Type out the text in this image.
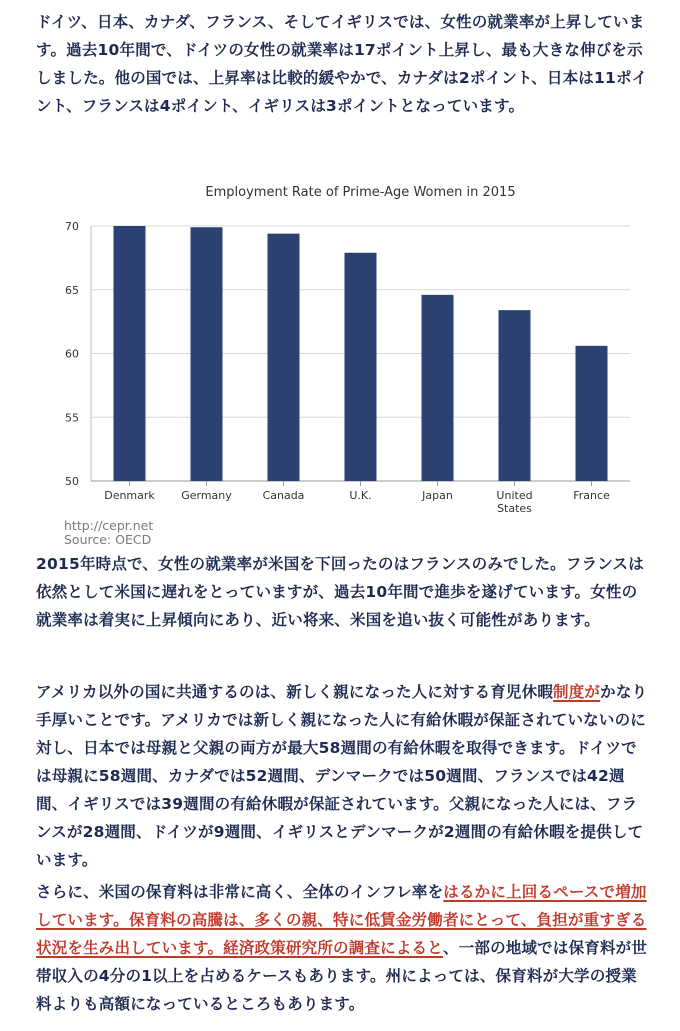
ドイツ、日本、カナダ、フランス、そしてイギリスでは、女性の就業率が上昇しています。過去10年間で、ドイツの女性の就業率は17ポイント上昇し、最も大きな伸びを示しました。他の国では、上昇率は比較的緩やかで、カナダは2ポイント、日本は11ポイント、フランスは4ポイント、イギリスは3ポイントとなっています。

Employment Rate of Prime-Age Women in 2015
50
55
60
65
70
Denmark Germany	Canada	U.K.	Japan	United
States
France
http://cepr.net
Source: OECD

2015年時点で、女性の就業率が米国を下回ったのはフランスのみでした。フランスは依然として米国に遅れをとっていますが、過去10年間で進歩を遂げています。女性の就業率は着実に上昇傾向にあり、近い将来、米国を追い抜く可能性があります。

アメリカ以外の国に共通するのは、新しく親になった人に対する育児休暇制度がかなり手厚いことです。アメリカでは新しく親になった人に有給休暇が保証されていないのに対し、日本では母親と父親の両方が最大58週間の有給休暇を取得できます。ドイツでは母親に58週間、カナダでは52週間、デンマークでは50週間、フランスでは42週間、イギリスでは39週間の有給休暇が保証されています。父親になった人には、フランスが28週間、ドイツが9週間、イギリスとデンマークが2週間の有給休暇を提供しています。

さらに、米国の保育料は非常に高く、全体のインフレ率をはるかに上回るペースで増加しています。保育料の高騰は、多くの親、特に低賃金労働者にとって、負担が重すぎる状況を生み出しています。経済政策研究所の調査によると、一部の地域では保育料が世帯収入の4分の1以上を占めるケースもあります。州によっては、保育料が大学の授業料よりも高額になっているところもあります。
